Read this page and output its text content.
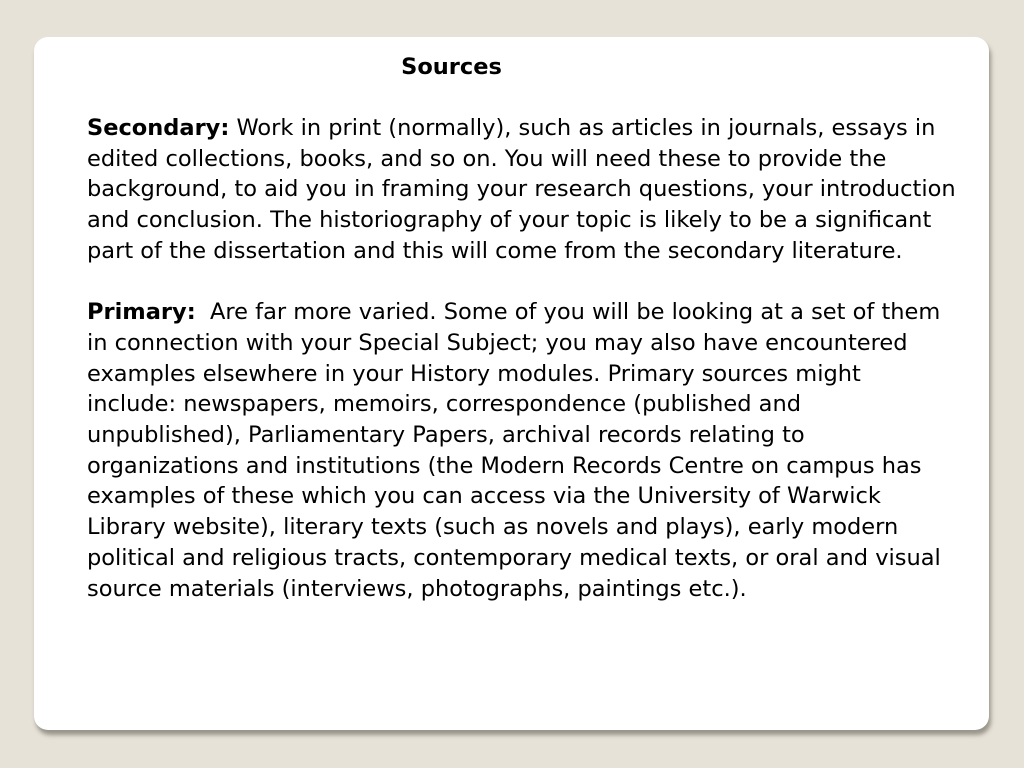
Sources

Secondary: Work in print (normally), such as articles in journals, essays in edited collections, books, and so on. You will need these to provide the background, to aid you in framing your research questions, your introduction and conclusion. The historiography of your topic is likely to be a significant part of the dissertation and this will come from the secondary literature.

Primary:  Are far more varied. Some of you will be looking at a set of them in connection with your Special Subject; you may also have encountered examples elsewhere in your History modules. Primary sources might include: newspapers, memoirs, correspondence (published and unpublished), Parliamentary Papers, archival records relating to organizations and institutions (the Modern Records Centre on campus has examples of these which you can access via the University of Warwick Library website), literary texts (such as novels and plays), early modern political and religious tracts, contemporary medical texts, or oral and visual source materials (interviews, photographs, paintings etc.).
